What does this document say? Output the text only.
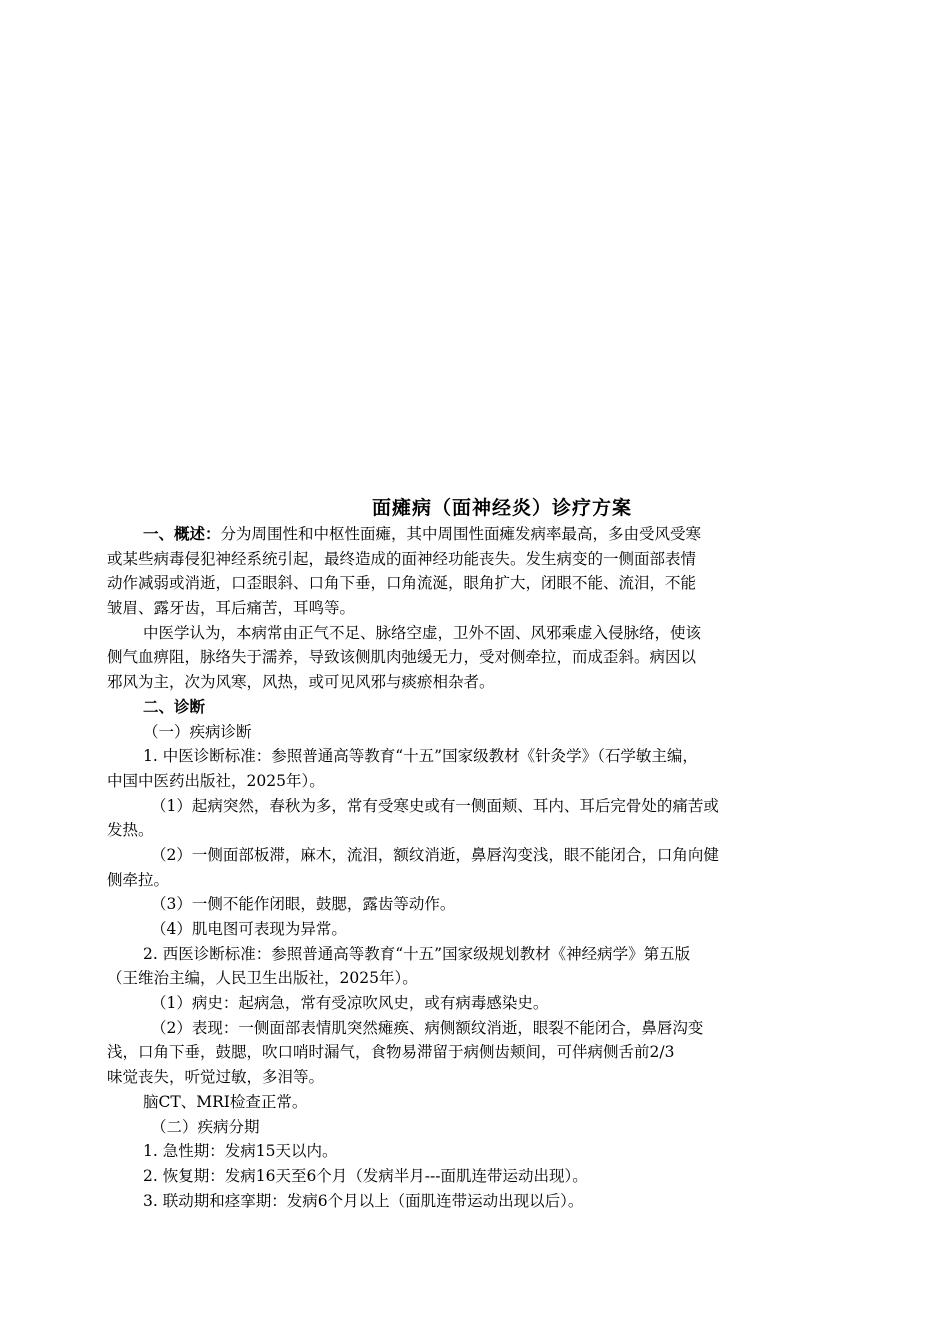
面瘫病（面神经炎）诊疗方案
一、概述：分为周围性和中枢性面瘫，其中周围性面瘫发病率最高，多由受风受寒
或某些病毒侵犯神经系统引起，最终造成的面神经功能丧失。发生病变的一侧面部表情
动作减弱或消逝，口歪眼斜、口角下垂，口角流涎，眼角扩大，闭眼不能、流泪，不能
皱眉、露牙齿，耳后痛苦，耳鸣等。
中医学认为，本病常由正气不足、脉络空虚，卫外不固、风邪乘虚入侵脉络，使该
侧气血痹阻，脉络失于濡养，导致该侧肌肉弛缓无力，受对侧牵拉，而成歪斜。病因以
邪风为主，次为风寒，风热，或可见风邪与痰瘀相杂者。
二、诊断
（一）疾病诊断
1. 中医诊断标准：参照普通高等教育“十五”国家级教材《针灸学》（石学敏主编，
中国中医药出版社，2025年）。
（1）起病突然，春秋为多，常有受寒史或有一侧面颊、耳内、耳后完骨处的痛苦或
发热。
（2）一侧面部板滞，麻木，流泪，额纹消逝，鼻唇沟变浅，眼不能闭合，口角向健
侧牵拉。
（3）一侧不能作闭眼，鼓腮，露齿等动作。
（4）肌电图可表现为异常。
2. 西医诊断标准：参照普通高等教育“十五”国家级规划教材《神经病学》第五版
（王维治主编，人民卫生出版社，2025年）。
（1）病史：起病急，常有受凉吹风史，或有病毒感染史。
（2）表现：一侧面部表情肌突然瘫痪、病侧额纹消逝，眼裂不能闭合，鼻唇沟变
浅，口角下垂，鼓腮，吹口哨时漏气，食物易滞留于病侧齿颊间，可伴病侧舌前2/3
味觉丧失，听觉过敏，多泪等。
脑CT、MRI检查正常。
（二）疾病分期
1. 急性期：发病15天以内。
2. 恢复期：发病16天至6个月（发病半月---面肌连带运动出现）。
3. 联动期和痉挛期：发病6个月以上（面肌连带运动出现以后）。
